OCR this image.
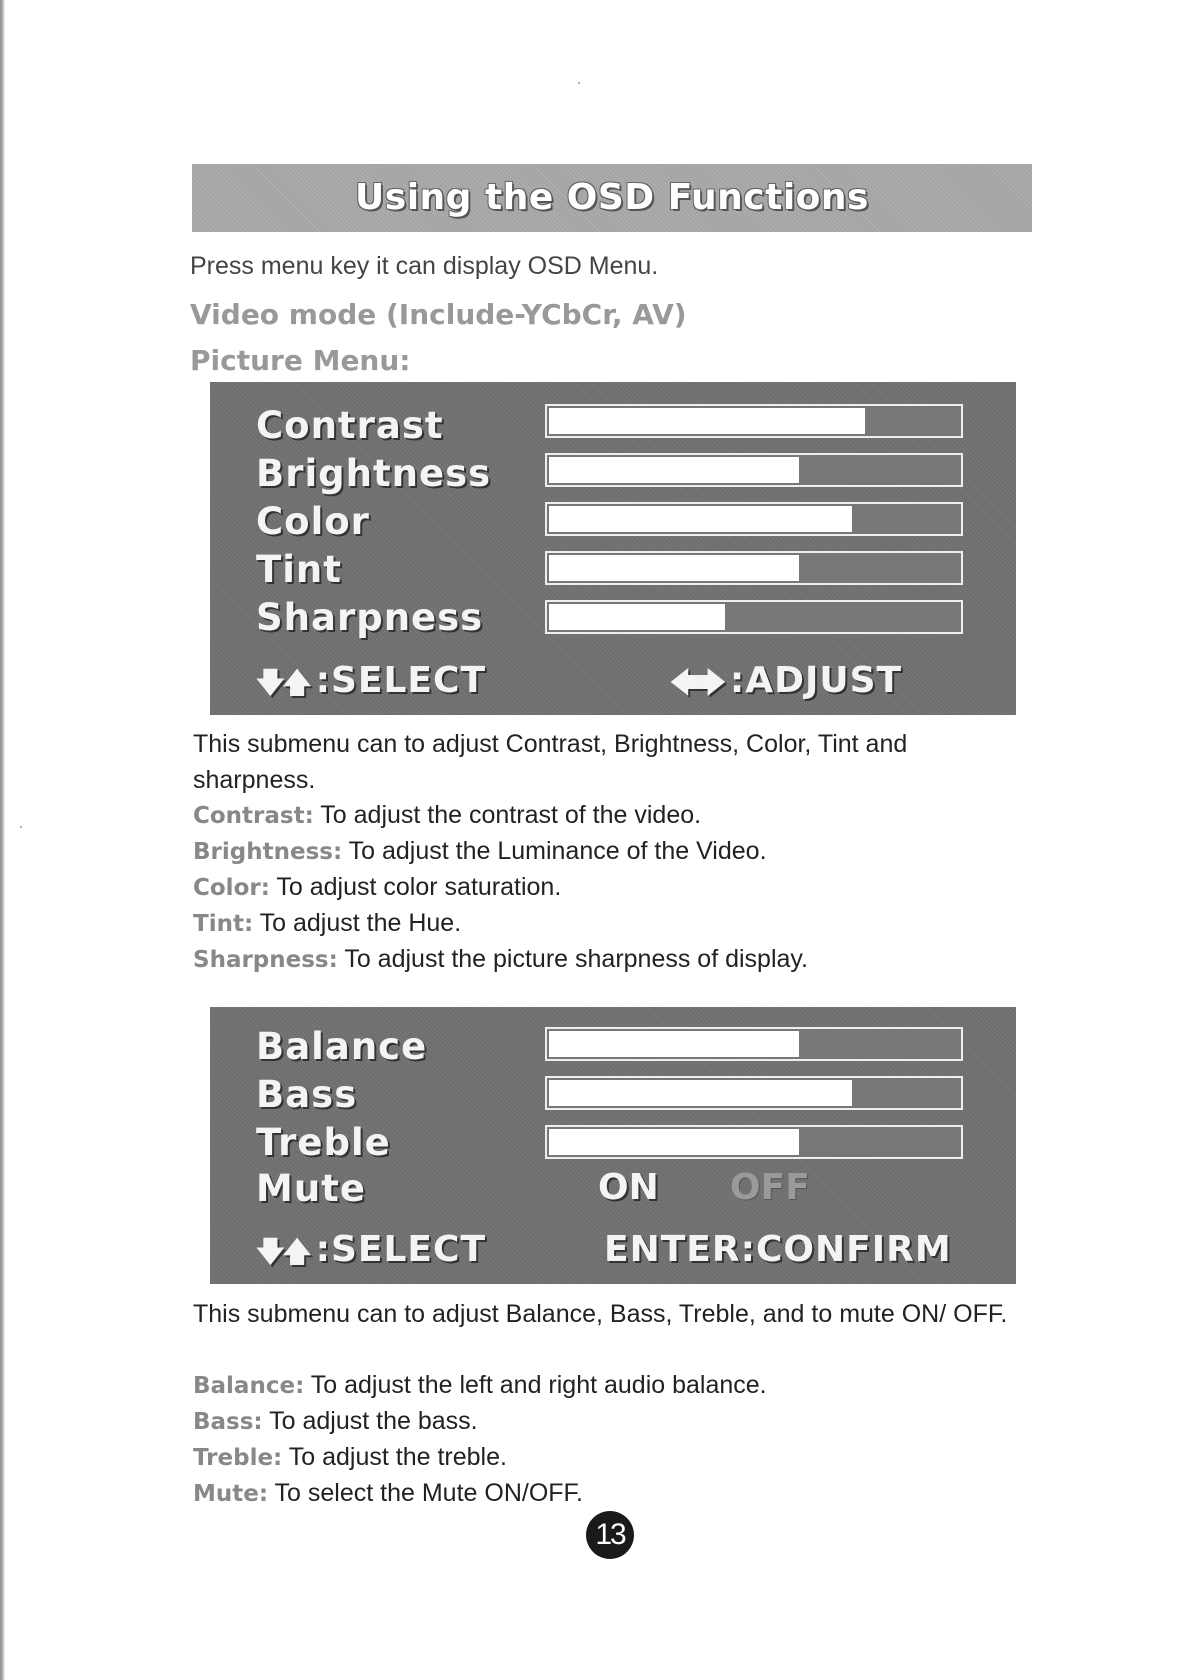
Using the OSD Functions
Press menu key it can display OSD Menu.
Video mode (Include-YCbCr, AV)
Picture Menu:
Contrast
Brightness
Color
Tint
Sharpness
🡇🡅 :SELECT	🡄🡆 :ADJUST
This submenu can to adjust Contrast, Brightness, Color, Tint and sharpness.
Contrast: To adjust the contrast of the video.
Brightness: To adjust the Luminance of the Video.
Color: To adjust color saturation.
Tint: To adjust the Hue.
Sharpness: To adjust the picture sharpness of display.
Balance
Bass
Treble
Mute	ON OFF
🡇🡅 :SELECT	ENTER:CONFIRM
This submenu can to adjust Balance, Bass, Treble, and to mute ON/ OFF.
Balance: To adjust the left and right audio balance.
Bass: To adjust the bass.
Treble: To adjust the treble.
Mute: To select the Mute ON/OFF.
13
